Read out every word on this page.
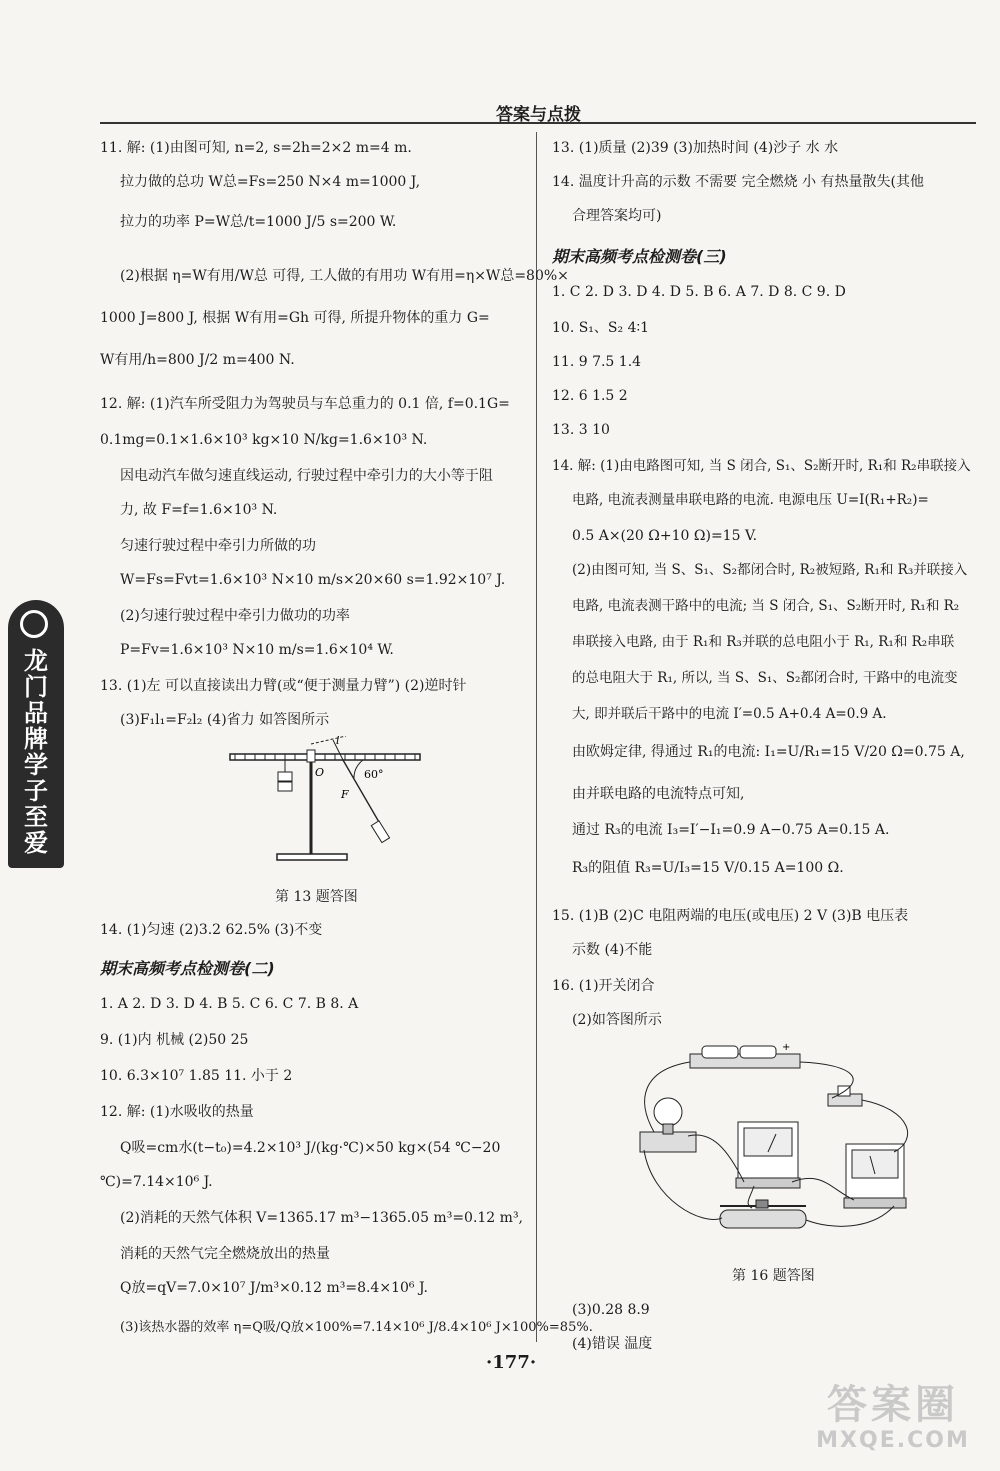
答案与点拨
11. 解: (1)由图可知, n=2, s=2h=2×2 m=4 m.
拉力做的总功 W总=Fs=250 N×4 m=1000 J,
拉力的功率 P=W总/t=1000 J/5 s=200 W.
(2)根据 η=W有用/W总 可得, 工人做的有用功 W有用=η×W总=80%×
1000 J=800 J, 根据 W有用=Gh 可得, 所提升物体的重力 G=
W有用/h=800 J/2 m=400 N.
12. 解: (1)汽车所受阻力为驾驶员与车总重力的 0.1 倍, f=0.1G=
0.1mg=0.1×1.6×10³ kg×10 N/kg=1.6×10³ N.
因电动汽车做匀速直线运动, 行驶过程中牵引力的大小等于阻
力, 故 F=f=1.6×10³ N.
匀速行驶过程中牵引力所做的功
W=Fs=Fvt=1.6×10³ N×10 m/s×20×60 s=1.92×10⁷ J.
(2)匀速行驶过程中牵引力做功的功率
P=Fv=1.6×10³ N×10 m/s=1.6×10⁴ W.
13. (1)左 可以直接读出力臂(或“便于测量力臂”) (2)逆时针
(3)F₁l₁=F₂l₂ (4)省力 如答图所示
O
l
F
60°
第 13 题答图
14. (1)匀速 (2)3.2 62.5% (3)不变
期末高频考点检测卷(二)
1. A 2. D 3. D 4. B 5. C 6. C 7. B 8. A
9. (1)内 机械 (2)50 25
10. 6.3×10⁷ 1.85 11. 小于 2
12. 解: (1)水吸收的热量
Q吸=cm水(t−t₀)=4.2×10³ J/(kg·℃)×50 kg×(54 ℃−20
℃)=7.14×10⁶ J.
(2)消耗的天然气体积 V=1365.17 m³−1365.05 m³=0.12 m³,
消耗的天然气完全燃烧放出的热量
Q放=qV=7.0×10⁷ J/m³×0.12 m³=8.4×10⁶ J.
(3)该热水器的效率 η=Q吸/Q放×100%=7.14×10⁶ J/8.4×10⁶ J×100%=85%.
13. (1)质量 (2)39 (3)加热时间 (4)沙子 水 水
14. 温度计升高的示数 不需要 完全燃烧 小 有热量散失(其他
合理答案均可)
期末高频考点检测卷(三)
1. C 2. D 3. D 4. D 5. B 6. A 7. D 8. C 9. D
10. S₁、S₂ 4∶1
11. 9 7.5 1.4
12. 6 1.5 2
13. 3 10
14. 解: (1)由电路图可知, 当 S 闭合, S₁、S₂断开时, R₁和 R₂串联接入
电路, 电流表测量串联电路的电流. 电源电压 U=I(R₁+R₂)=
0.5 A×(20 Ω+10 Ω)=15 V.
(2)由图可知, 当 S、S₁、S₂都闭合时, R₂被短路, R₁和 R₃并联接入
电路, 电流表测干路中的电流; 当 S 闭合, S₁、S₂断开时, R₁和 R₂
串联接入电路, 由于 R₁和 R₃并联的总电阻小于 R₁, R₁和 R₂串联
的总电阻大于 R₁, 所以, 当 S、S₁、S₂都闭合时, 干路中的电流变
大, 即并联后干路中的电流 I′=0.5 A+0.4 A=0.9 A.
由欧姆定律, 得通过 R₁的电流: I₁=U/R₁=15 V/20 Ω=0.75 A,
由并联电路的电流特点可知,
通过 R₃的电流 I₃=I′−I₁=0.9 A−0.75 A=0.15 A.
R₃的阻值 R₃=U/I₃=15 V/0.15 A=100 Ω.
15. (1)B (2)C 电阻两端的电压(或电压) 2 V (3)B 电压表
示数 (4)不能
16. (1)开关闭合
(2)如答图所示
+
第 16 题答图
(3)0.28 8.9
(4)错误 温度
龙门品牌 学子至爱
·177·
答案圈
MXQE.COM
